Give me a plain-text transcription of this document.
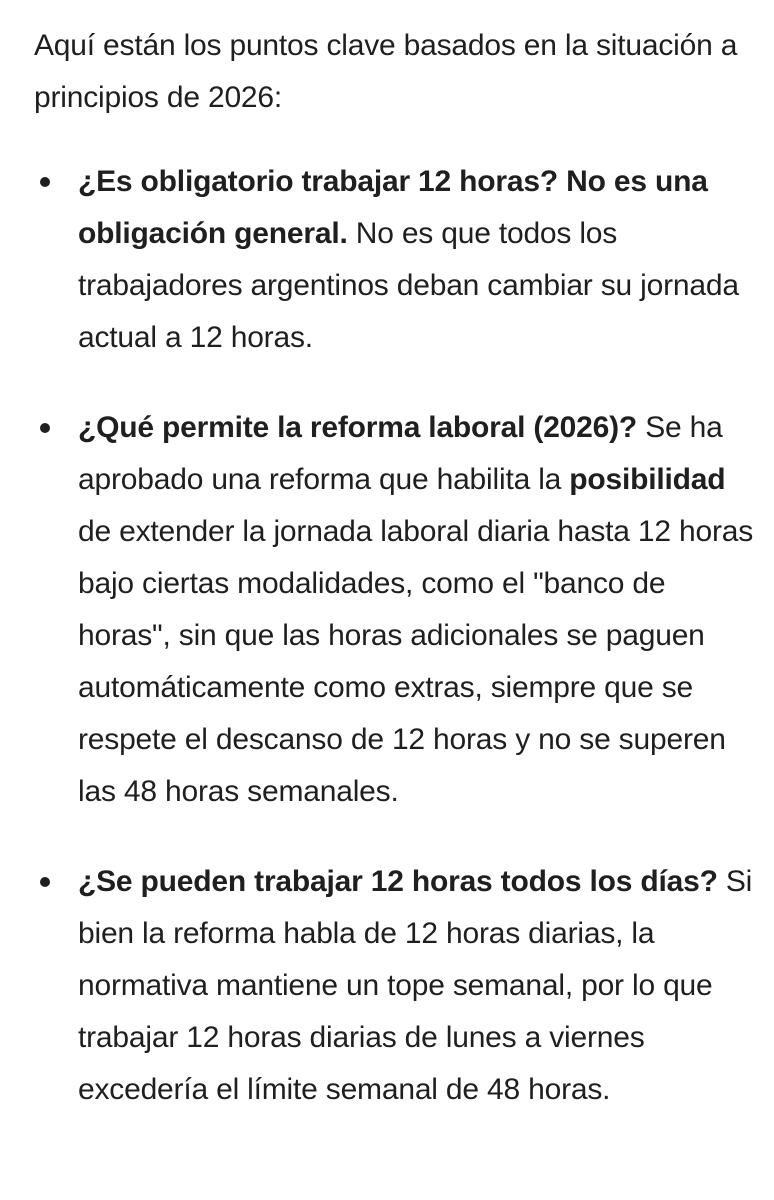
Aquí están los puntos clave basados en la situación a principios de 2026:

¿Es obligatorio trabajar 12 horas? No es una obligación general. No es que todos los trabajadores argentinos deban cambiar su jornada actual a 12 horas.
¿Qué permite la reforma laboral (2026)? Se ha aprobado una reforma que habilita la posibilidad de extender la jornada laboral diaria hasta 12 horas bajo ciertas modalidades, como el "banco de horas", sin que las horas adicionales se paguen automáticamente como extras, siempre que se respete el descanso de 12 horas y no se superen las 48 horas semanales.
¿Se pueden trabajar 12 horas todos los días? Si bien la reforma habla de 12 horas diarias, la normativa mantiene un tope semanal, por lo que trabajar 12 horas diarias de lunes a viernes excedería el límite semanal de 48 horas.
